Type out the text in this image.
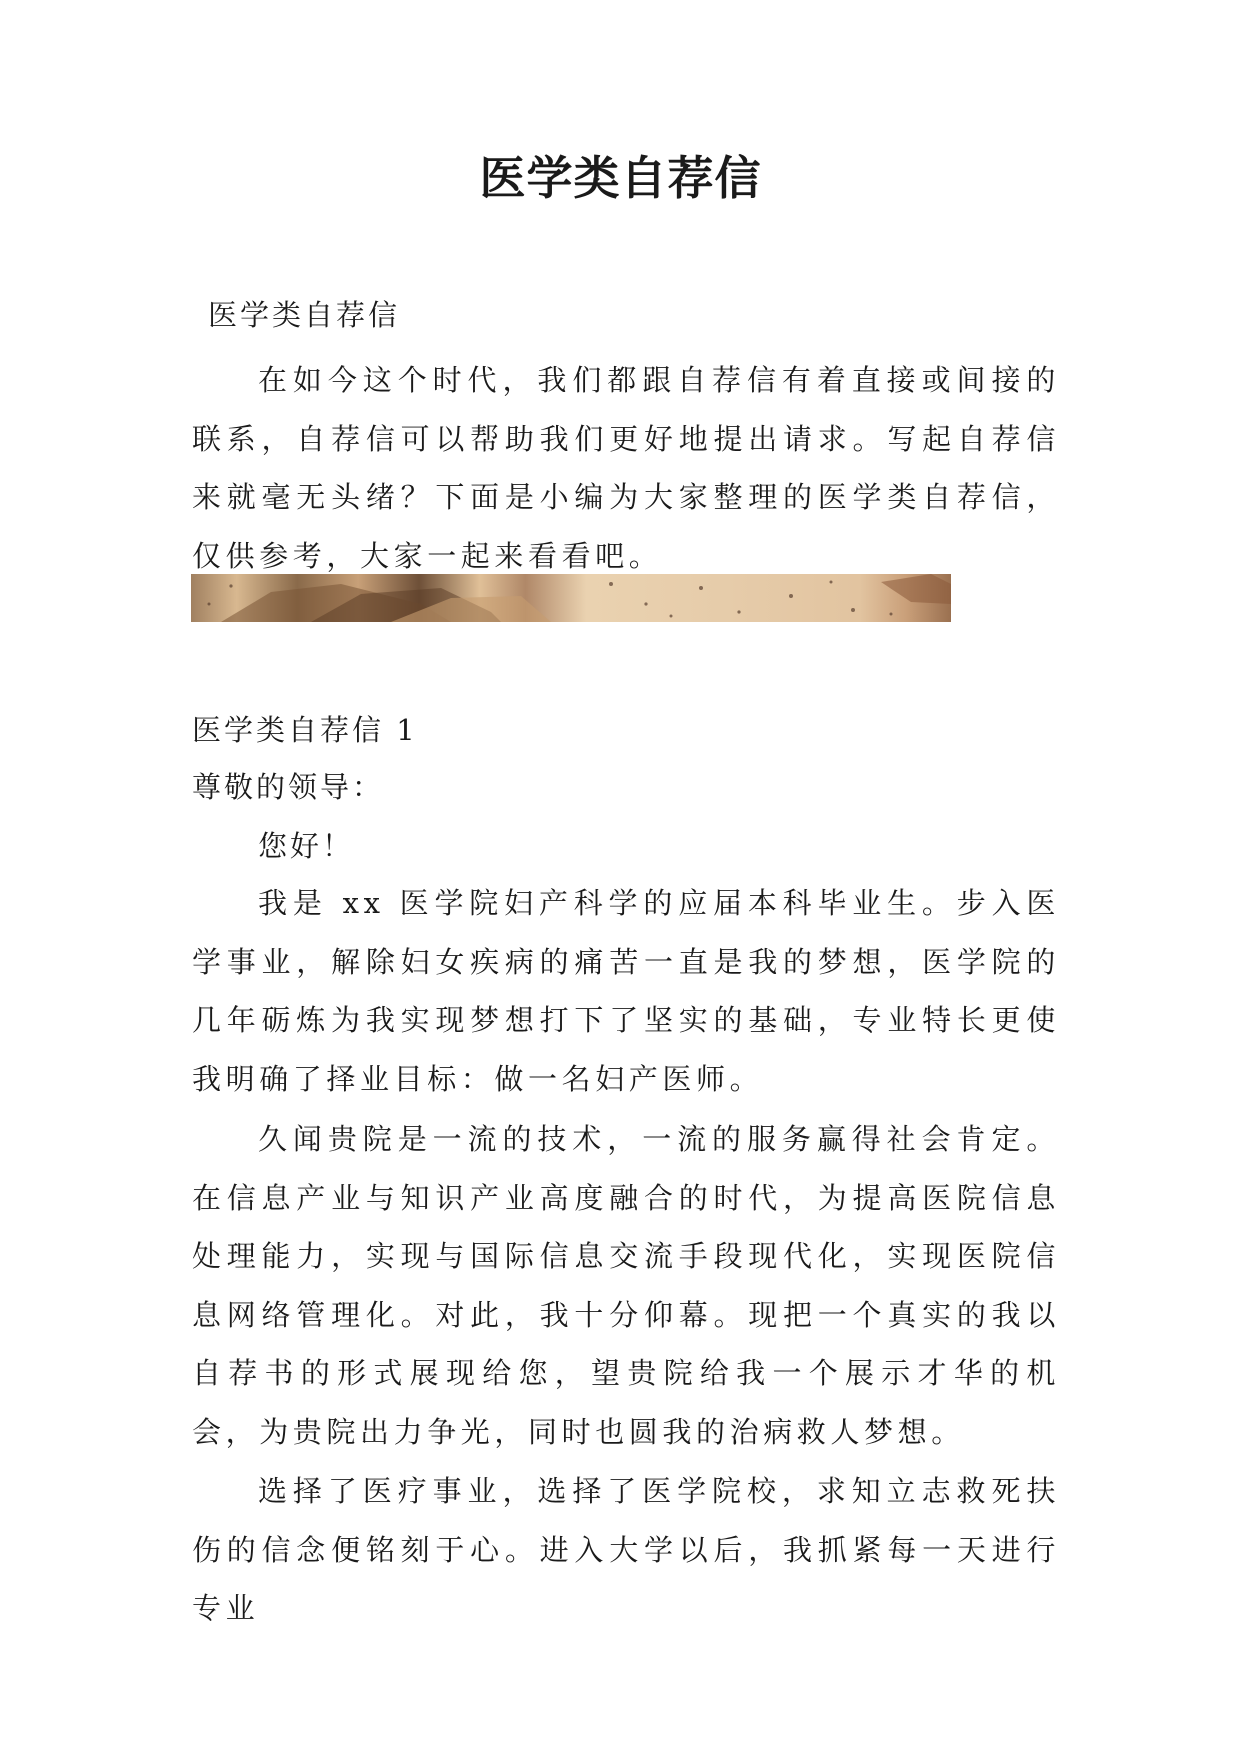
医学类自荐信
医学类自荐信

在如今这个时代，我们都跟自荐信有着直接或间接的联系，自荐信可以帮助我们更好地提出请求。写起自荐信来就毫无头绪？下面是小编为大家整理的医学类自荐信，仅供参考，大家一起来看看吧。

医学类自荐信 1
尊敬的领导：
您好！

我是 xx 医学院妇产科学的应届本科毕业生。步入医学事业，解除妇女疾病的痛苦一直是我的梦想，医学院的几年砺炼为我实现梦想打下了坚实的基础，专业特长更使我明确了择业目标：做一名妇产医师。

久闻贵院是一流的技术，一流的服务赢得社会肯定。在信息产业与知识产业高度融合的时代，为提高医院信息处理能力，实现与国际信息交流手段现代化，实现医院信息网络管理化。对此，我十分仰幕。现把一个真实的我以自荐书的形式展现给您，望贵院给我一个展示才华的机会，为贵院出力争光，同时也圆我的治病救人梦想。

选择了医疗事业，选择了医学院校，求知立志救死扶伤的信念便铭刻于心。进入大学以后，我抓紧每一天进行专业
